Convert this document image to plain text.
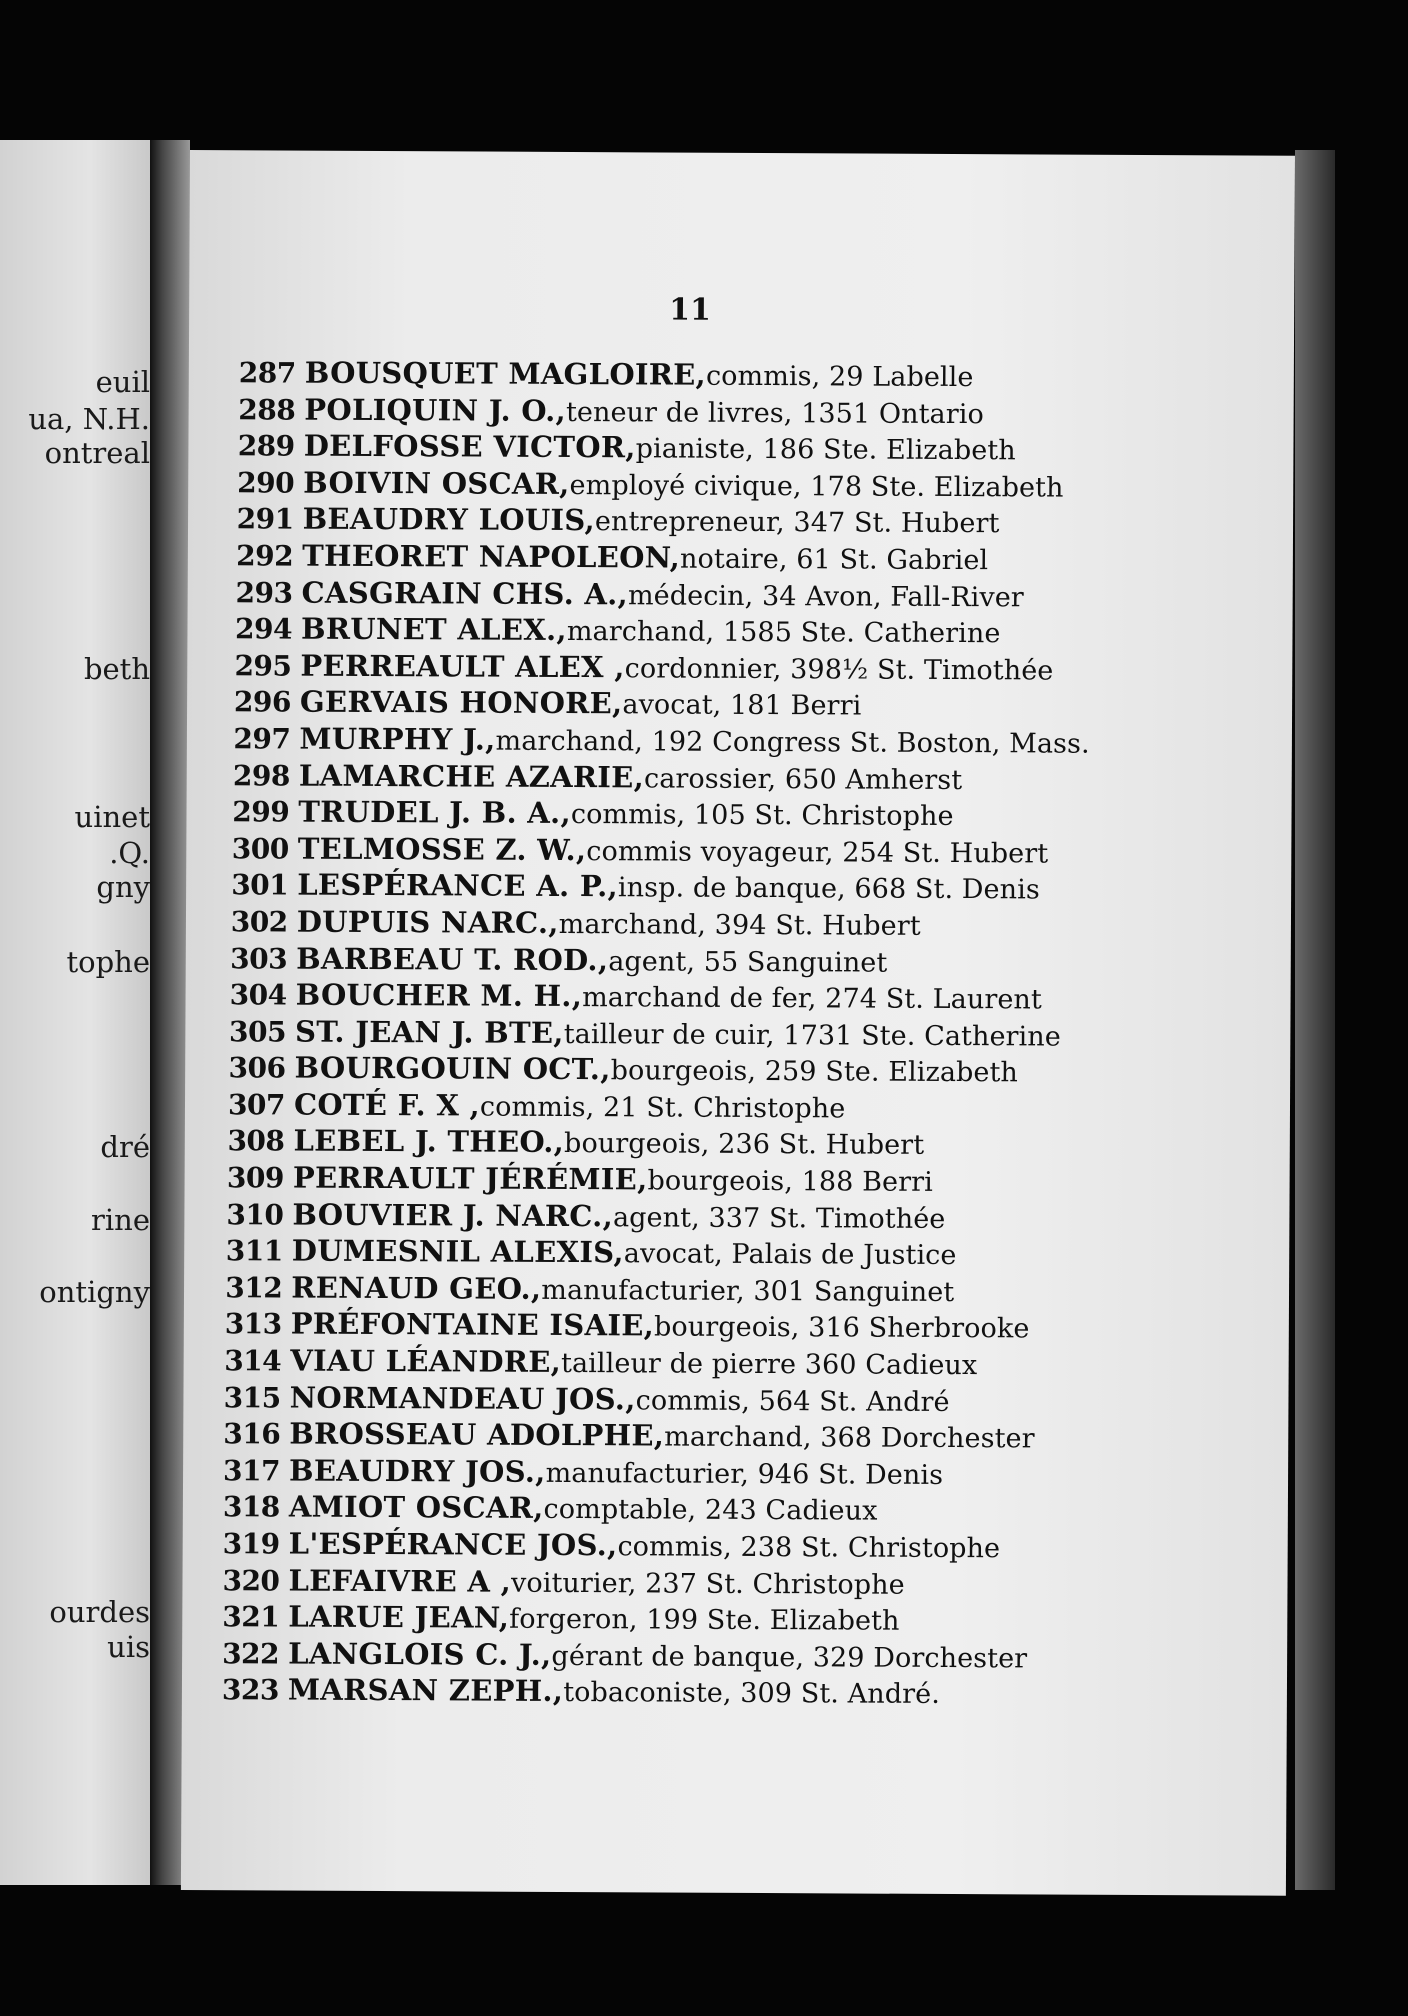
euil

ua, N.H.

ontreal

beth

uinet

.Q.

gny

tophe

dré

rine

ontigny

ourdes

uis

11
287 BOUSQUET MAGLOIRE, commis, 29 Labelle
288 POLIQUIN J. O., teneur de livres, 1351 Ontario
289 DELFOSSE VICTOR, pianiste, 186 Ste. Elizabeth
290 BOIVIN OSCAR, employé civique, 178 Ste. Elizabeth
291 BEAUDRY LOUIS, entrepreneur, 347 St. Hubert
292 THEORET NAPOLEON, notaire, 61 St. Gabriel
293 CASGRAIN CHS. A., médecin, 34 Avon, Fall-River
294 BRUNET ALEX., marchand, 1585 Ste. Catherine
295 PERREAULT ALEX , cordonnier, 398½ St. Timothée
296 GERVAIS HONORE, avocat, 181 Berri
297 MURPHY J., marchand, 192 Congress St. Boston, Mass.
298 LAMARCHE AZARIE, carossier, 650 Amherst
299 TRUDEL J. B. A., commis, 105 St. Christophe
300 TELMOSSE Z. W., commis voyageur, 254 St. Hubert
301 LESPÉRANCE A. P., insp. de banque, 668 St. Denis
302 DUPUIS NARC., marchand, 394 St. Hubert
303 BARBEAU T. ROD., agent, 55 Sanguinet
304 BOUCHER M. H., marchand de fer, 274 St. Laurent
305 ST. JEAN J. BTE, tailleur de cuir, 1731 Ste. Catherine
306 BOURGOUIN OCT., bourgeois, 259 Ste. Elizabeth
307 COTÉ F. X , commis, 21 St. Christophe
308 LEBEL J. THEO., bourgeois, 236 St. Hubert
309 PERRAULT JÉRÉMIE, bourgeois, 188 Berri
310 BOUVIER J. NARC., agent, 337 St. Timothée
311 DUMESNIL ALEXIS, avocat, Palais de Justice
312 RENAUD GEO., manufacturier, 301 Sanguinet
313 PRÉFONTAINE ISAIE, bourgeois, 316 Sherbrooke
314 VIAU LÉANDRE, tailleur de pierre 360 Cadieux
315 NORMANDEAU JOS., commis, 564 St. André
316 BROSSEAU ADOLPHE, marchand, 368 Dorchester
317 BEAUDRY JOS., manufacturier, 946 St. Denis
318 AMIOT OSCAR, comptable, 243 Cadieux
319 L'ESPÉRANCE JOS., commis, 238 St. Christophe
320 LEFAIVRE A , voiturier, 237 St. Christophe
321 LARUE JEAN, forgeron, 199 Ste. Elizabeth
322 LANGLOIS C. J., gérant de banque, 329 Dorchester
323 MARSAN ZEPH., tobaconiste, 309 St. André.
